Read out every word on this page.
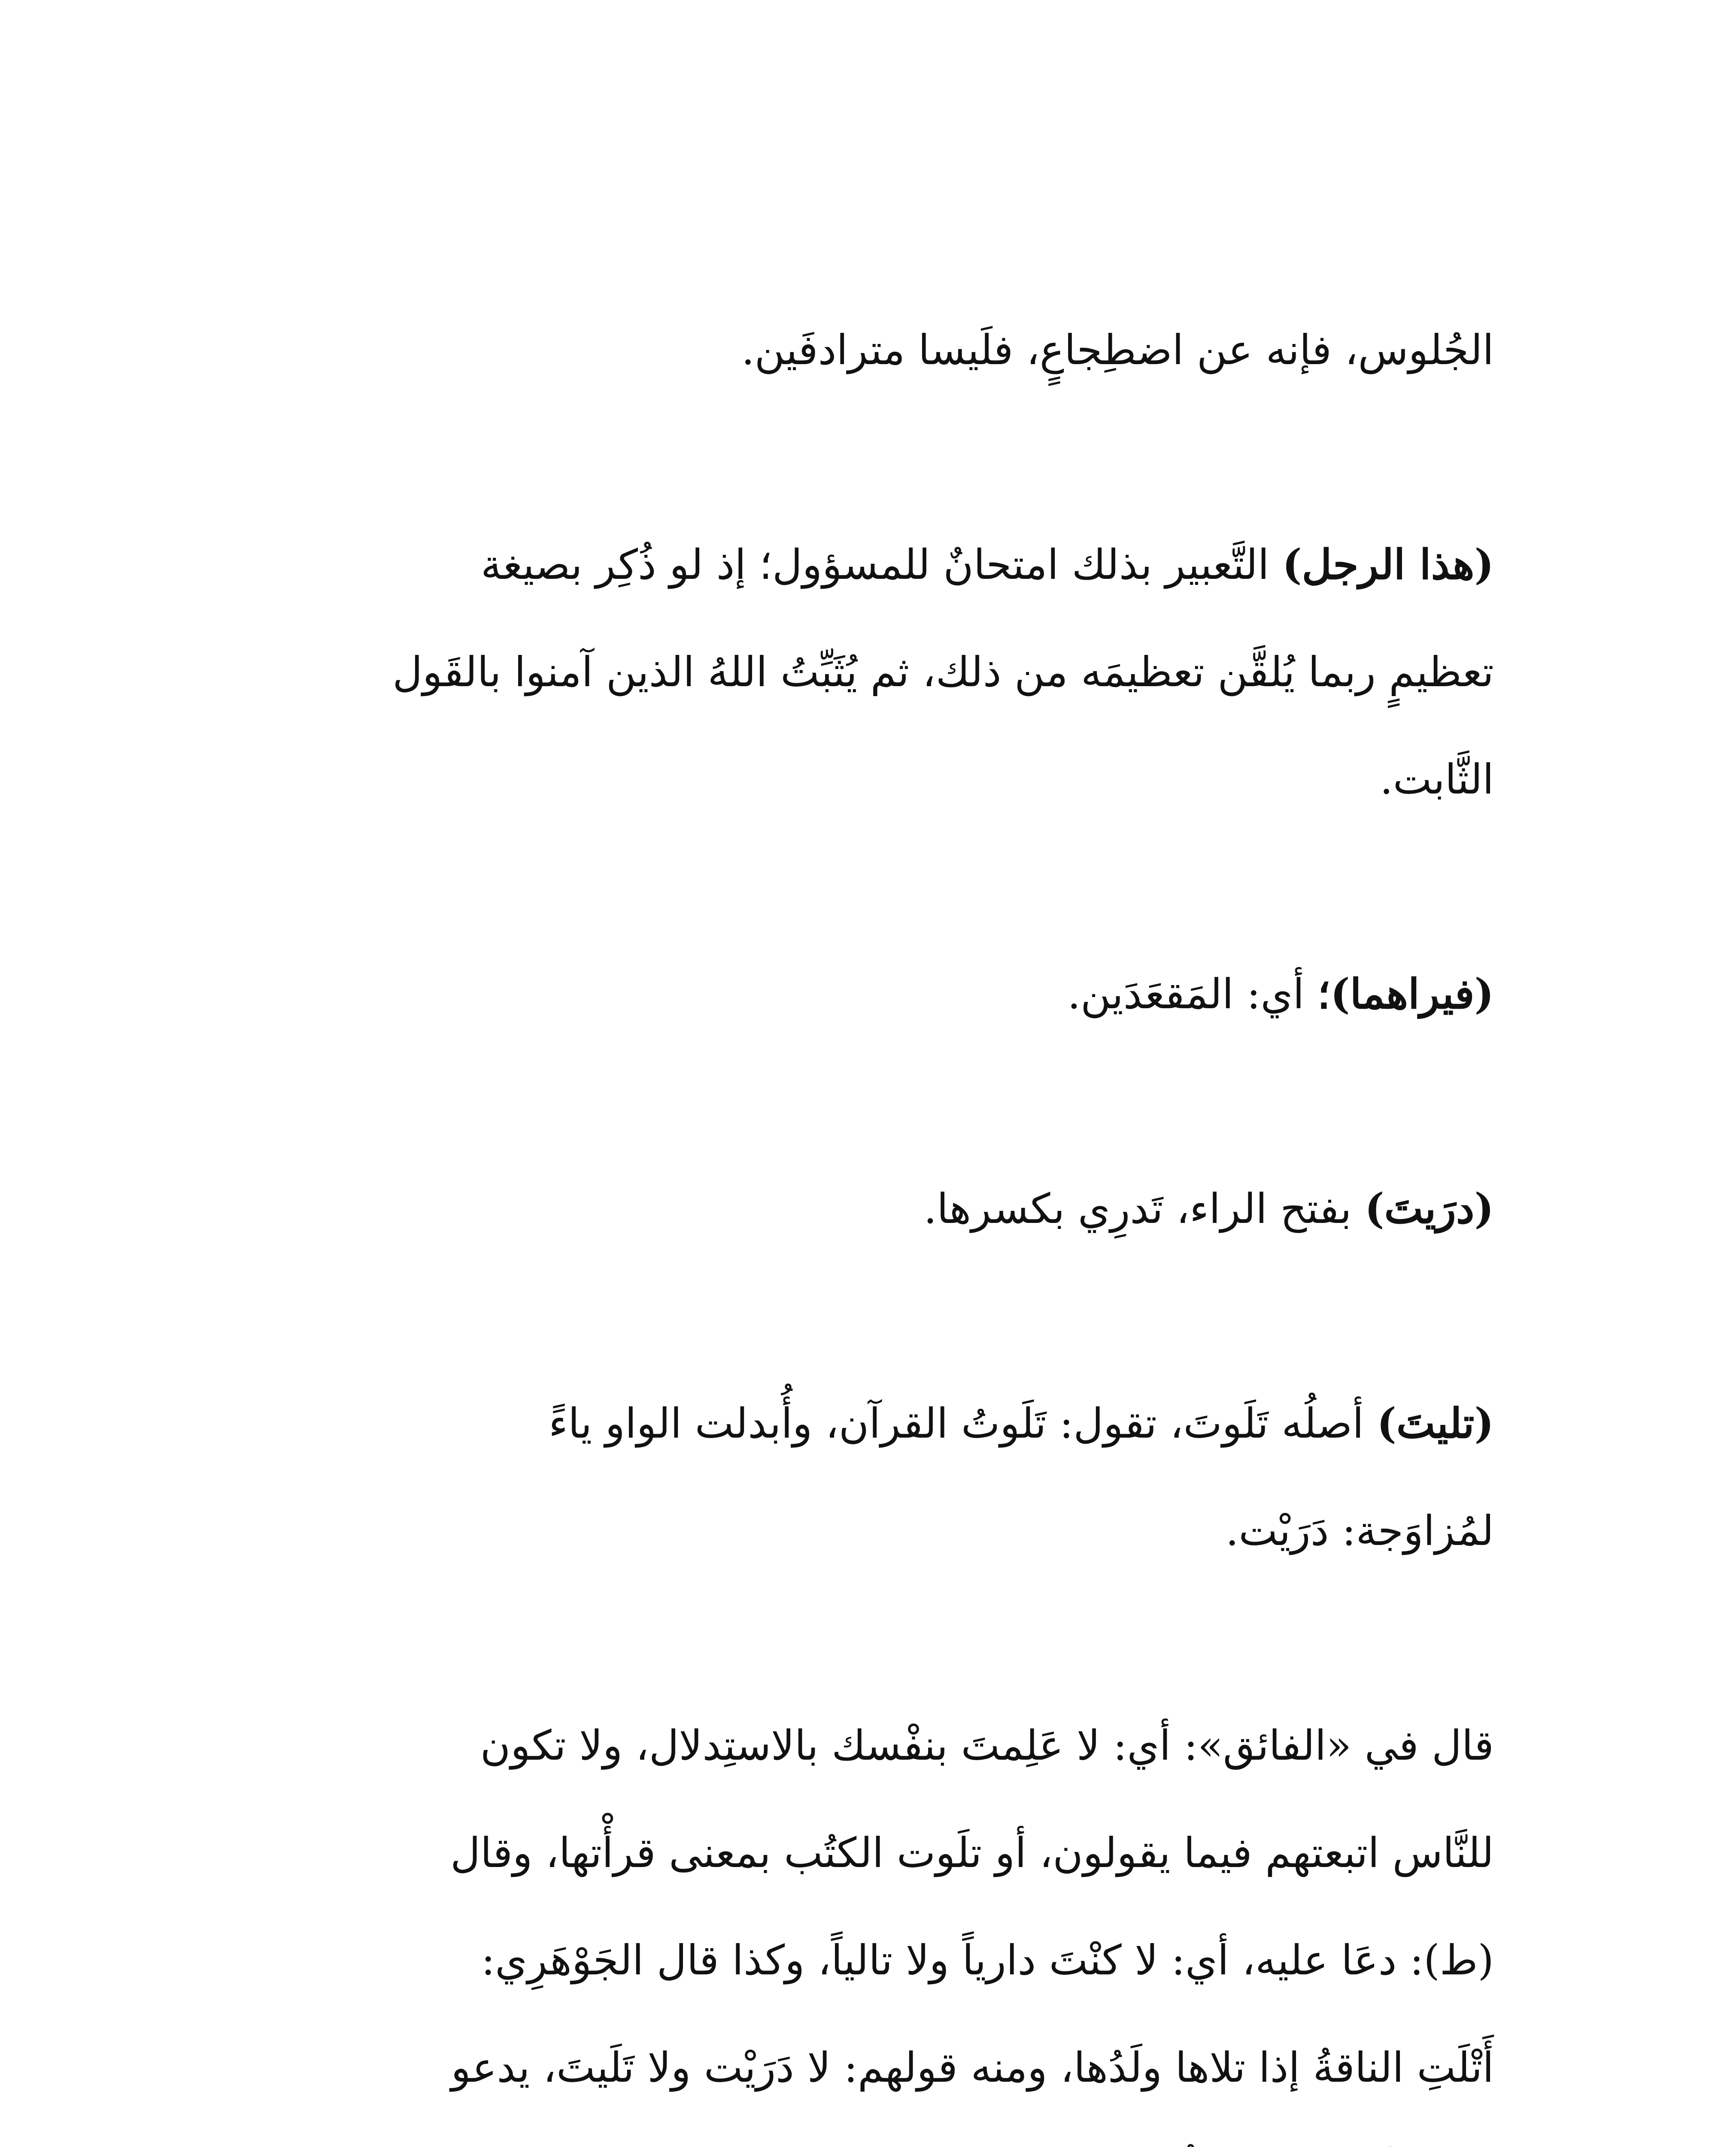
الجُلوس، فإنه عن اضطِجاعٍ، فلَيسا مترادفَين.

(هذا الرجل) التَّعبير بذلك امتحانٌ للمسؤول؛ إذ لو ذُكِر بصيغة
تعظيمٍ ربما يُلقَّن تعظيمَه من ذلك، ثم يُثَبِّتُ اللهُ الذين آمنوا بالقَول
الثَّابت.

(فيراهما)؛ أي: المَقعَدَين.

(درَيتَ) بفتح الراء، تَدرِي بكسرها.

(تليتَ) أصلُه تَلَوتَ، تقول: تَلَوتُ القرآن، وأُبدلت الواو ياءً
لمُزاوَجة: دَرَيْت.

قال في «الفائق»: أي: لا عَلِمتَ بنفْسك بالاستِدلال، ولا تكون
للنَّاس اتبعتهم فيما يقولون، أو تلَوت الكتُب بمعنى قرأْتها، وقال
(ط): دعَا عليه، أي: لا كنْتَ دارياً ولا تالياً، وكذا قال الجَوْهَرِي:
أَتْلَتِ الناقةُ إذا تلاها ولَدُها، ومنه قولهم: لا دَرَيْت ولا تَلَيتَ، يدعو
